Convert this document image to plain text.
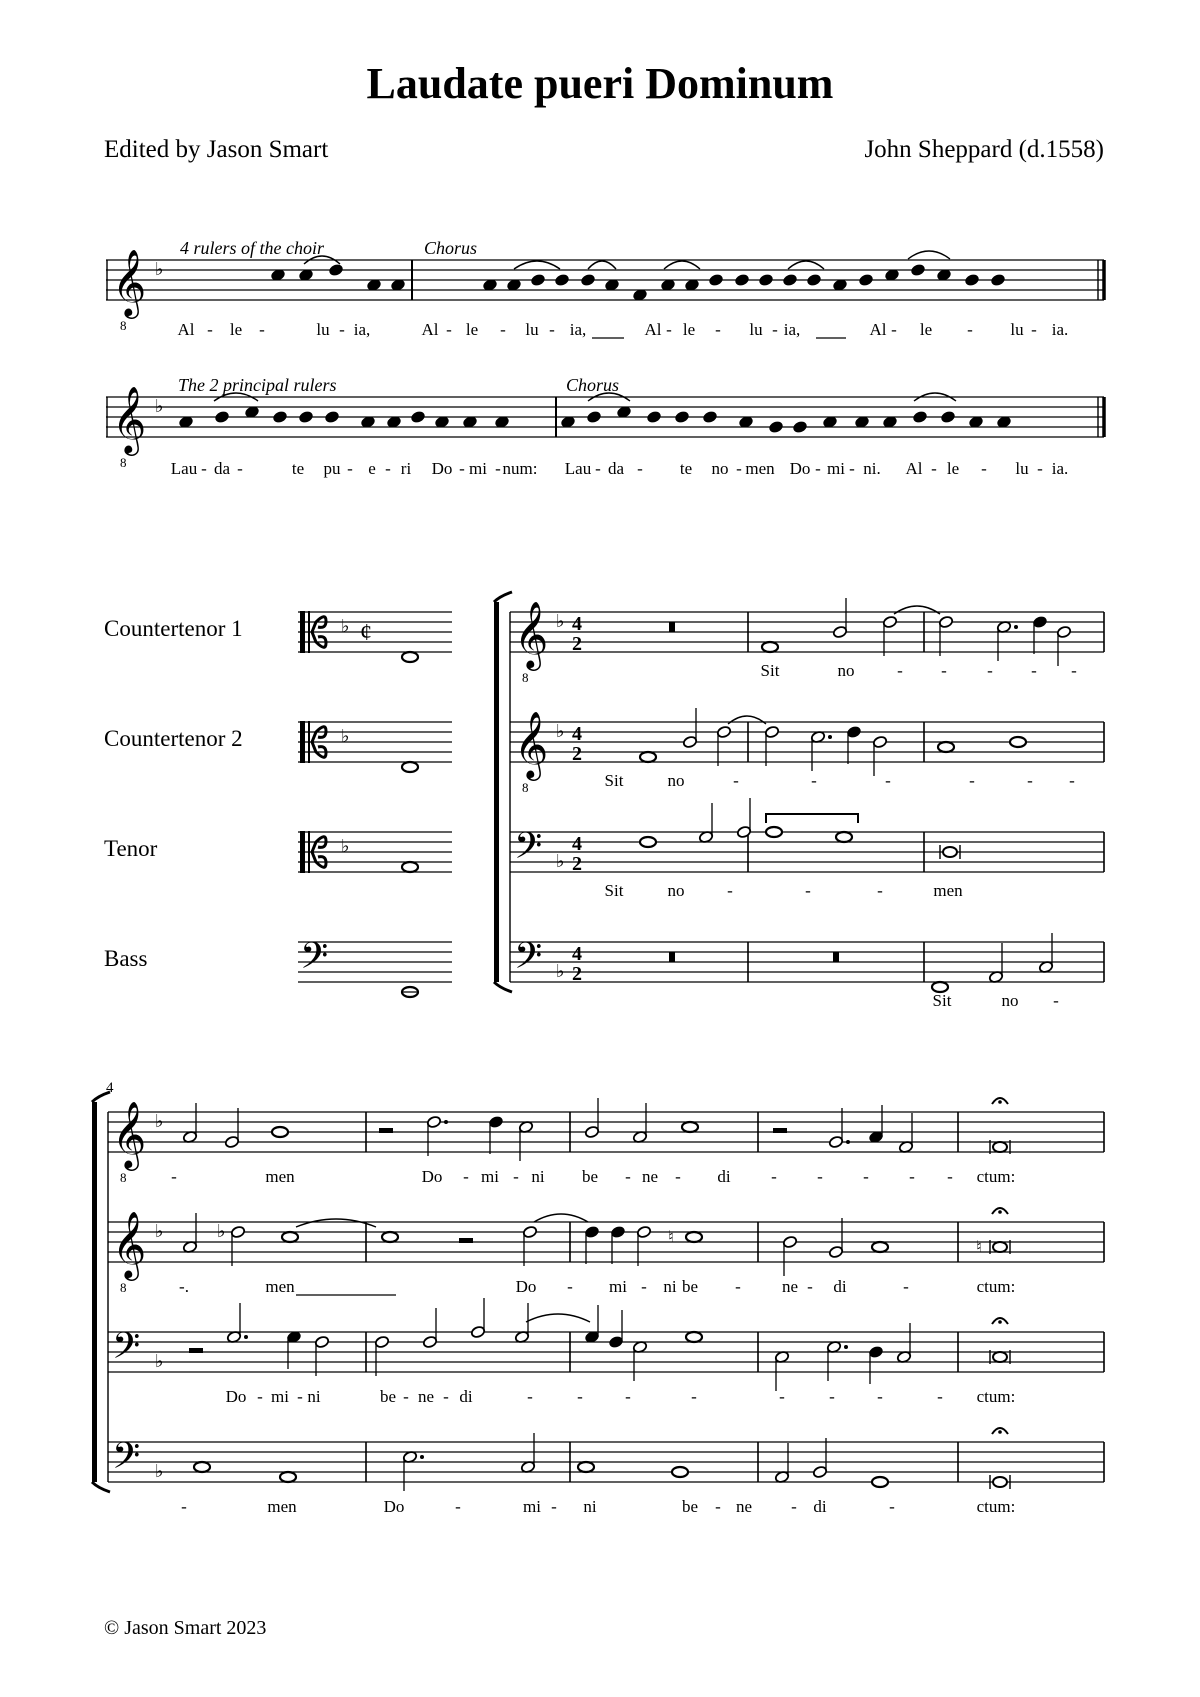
Laudate pueri Dominum
Edited by Jason Smart	John Sheppard (d.1558)
𝄞
8
♭
Al - le -	lu - ia,	Al - le - lu - ia,	Al - le - lu - ia,	Al - le - lu - ia.
𝄞
8
♭
Lau - da -	te pu - e - ri Do - mi - num: Lau - da - te no - men Do - mi - ni. Al - le - lu - ia.
𝄢
♭
♭
♭
¢ 𝄞
8
𝄞
8
𝄢
𝄢
♭
♭
♭
♭
4
2
4
2
4
2
4
2
Sit	no	- - - - -
Sit	no	-	-	-	-	- -
Sit	no	-	-	-	men
Sit	no -
𝄞
8
𝄞
8
𝄢
𝄢
♭
♭
♭
♭
-	men	Do - mi - ni be - ne - di - - - - - ctum:
♭	♮
♮
-.	men	Do - mi - ni be - ne - di	-	ctum:
Do - mi - ni	be - ne - di	-	- -	-	-	- -	- ctum:
-	men	Do	-	mi - ni	be - ne - di	-	ctum:
4 rulers of the choir	Chorus
The 2 principal rulers	Chorus
Countertenor 1
Countertenor 2
Tenor
Bass
4
© Jason Smart 2023
